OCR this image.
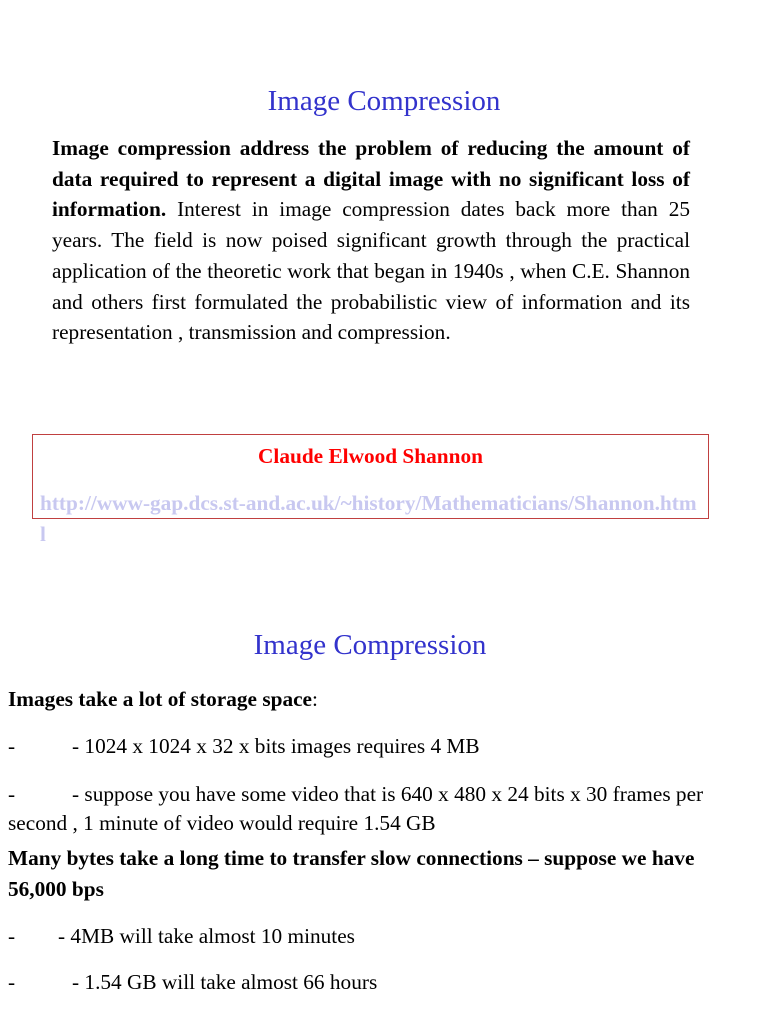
Image Compression

Image compression address the problem of reducing the amount of data required to represent a digital image with no significant loss of information. Interest in image compression dates back more than 25 years. The field is now poised significant growth through the practical application of the theoretic work that began in 1940s , when C.E. Shannon and others first formulated the probabilistic view of information and its representation , transmission and compression.

Claude Elwood Shannon

http://www-gap.dcs.st-and.ac.uk/~history/Mathematicians/Shannon.html
Image Compression

Images take a lot of storage space:

-	- 1024 x 1024 x 32 x bits images requires 4 MB

-	- suppose you have some video that is 640 x 480 x 24 bits x 30 frames per second , 1 minute of video would require 1.54 GB

Many bytes take a long time to transfer slow connections – suppose we have 56,000 bps

- - 4MB will take almost 10 minutes

-	- 1.54 GB will take almost 66 hours
